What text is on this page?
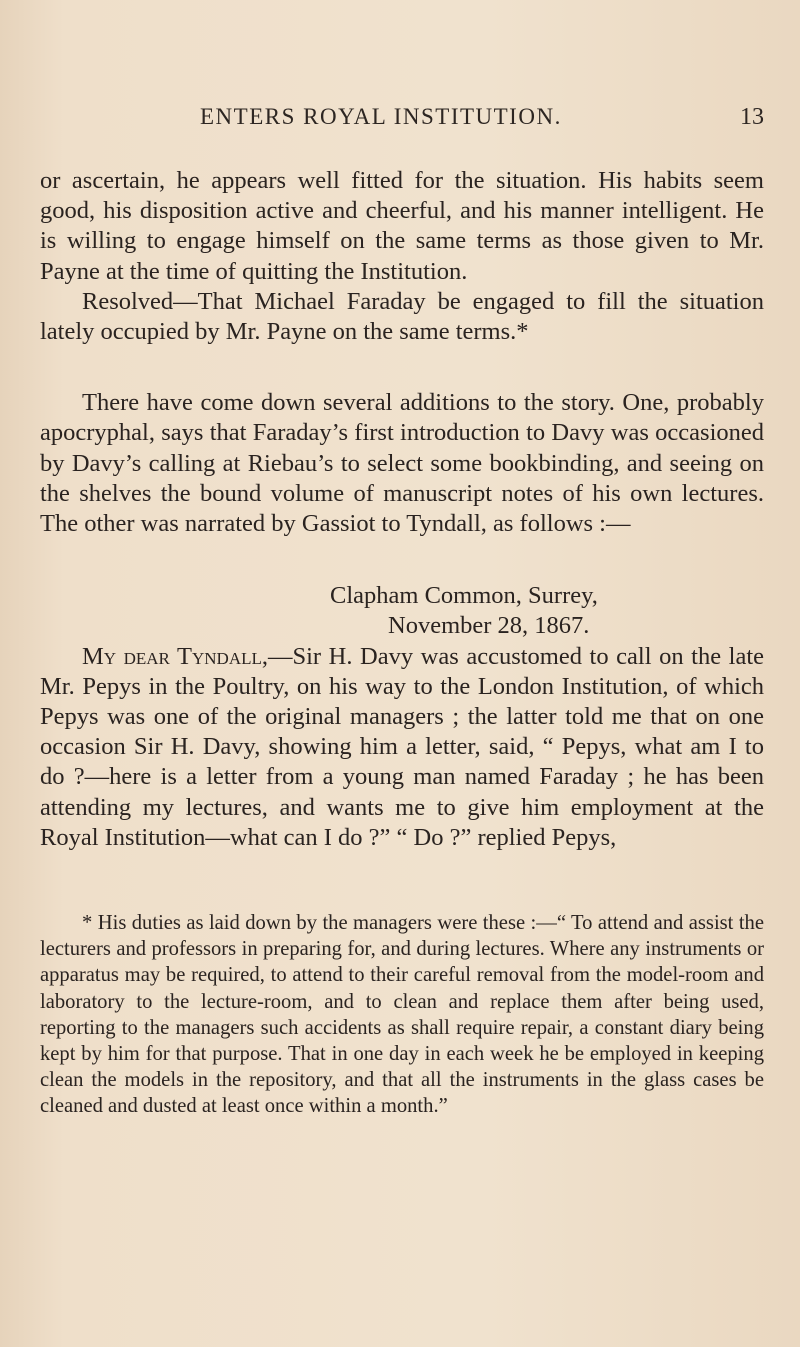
ENTERS ROYAL INSTITUTION.	13

or ascertain, he appears well fitted for the situation. His habits seem good, his disposition active and cheerful, and his manner intelligent. He is willing to engage himself on the same terms as those given to Mr. Payne at the time of quitting the Institution.

Resolved—That Michael Faraday be engaged to fill the situation lately occupied by Mr. Payne on the same terms.*

There have come down several additions to the story. One, probably apocryphal, says that Faraday’s first introduction to Davy was occasioned by Davy’s calling at Riebau’s to select some bookbinding, and seeing on the shelves the bound volume of manuscript notes of his own lectures. The other was narrated by Gassiot to Tyndall, as follows :—

Clapham Common, Surrey,

November 28, 1867.

My dear Tyndall,—Sir H. Davy was accustomed to call on the late Mr. Pepys in the Poultry, on his way to the London Institution, of which Pepys was one of the original managers ; the latter told me that on one occasion Sir H. Davy, showing him a letter, said, “ Pepys, what am I to do ?—here is a letter from a young man named Faraday ; he has been attending my lectures, and wants me to give him employment at the Royal Institution—what can I do ?” “ Do ?” replied Pepys,

* His duties as laid down by the managers were these :—“ To attend and assist the lecturers and professors in preparing for, and during lectures. Where any instruments or apparatus may be required, to attend to their careful removal from the model-room and laboratory to the lecture-room, and to clean and replace them after being used, reporting to the managers such accidents as shall require repair, a constant diary being kept by him for that purpose. That in one day in each week he be employed in keeping clean the models in the repository, and that all the instruments in the glass cases be cleaned and dusted at least once within a month.”
